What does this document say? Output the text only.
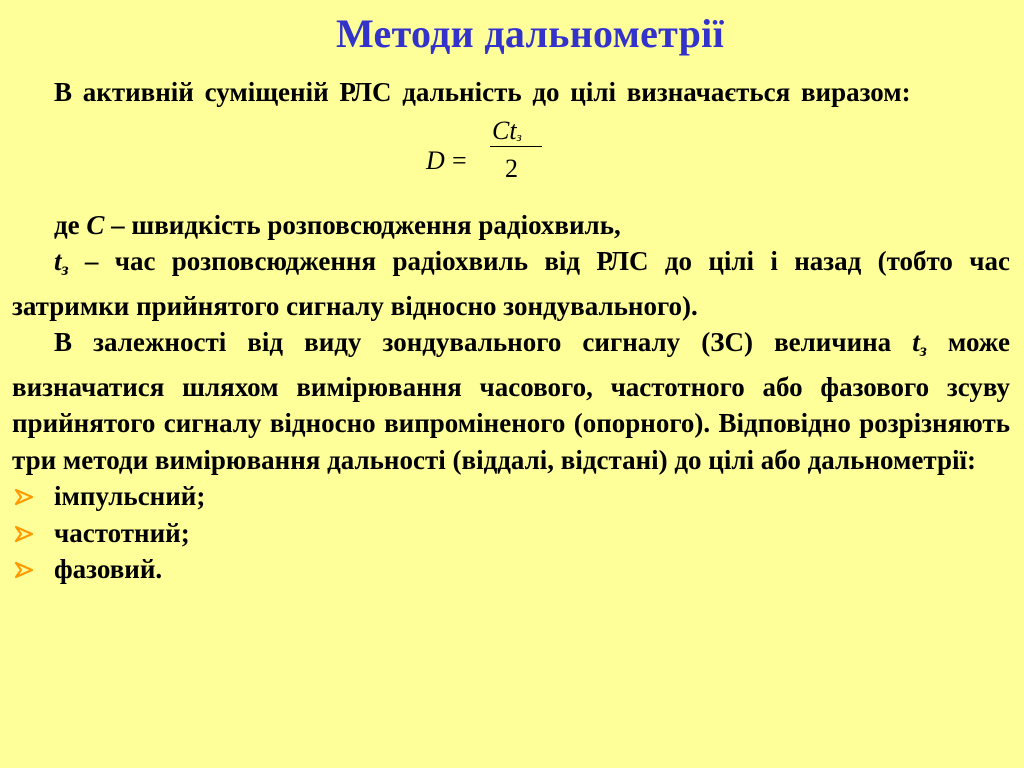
Методи дальнометрії

В активній суміщеній РЛС дальність до цілі визначається виразом:

D =
Ctз
2

де C – швидкість розповсюдження радіохвиль,

tз – час розповсюдження радіохвиль від РЛС до цілі і назад (тобто час затримки прийнятого сигналу відносно зондувального).

В залежності від виду зондувального сигналу (ЗС) величина tз може визначатися шляхом вимірювання часового, частотного або фазового зсуву прийнятого сигналу відносно випроміненого (опорного). Відповідно розрізняють три методи вимірювання дальності (віддалі, відстані) до цілі або дальнометрії:

імпульсний;
частотний;
фазовий.
